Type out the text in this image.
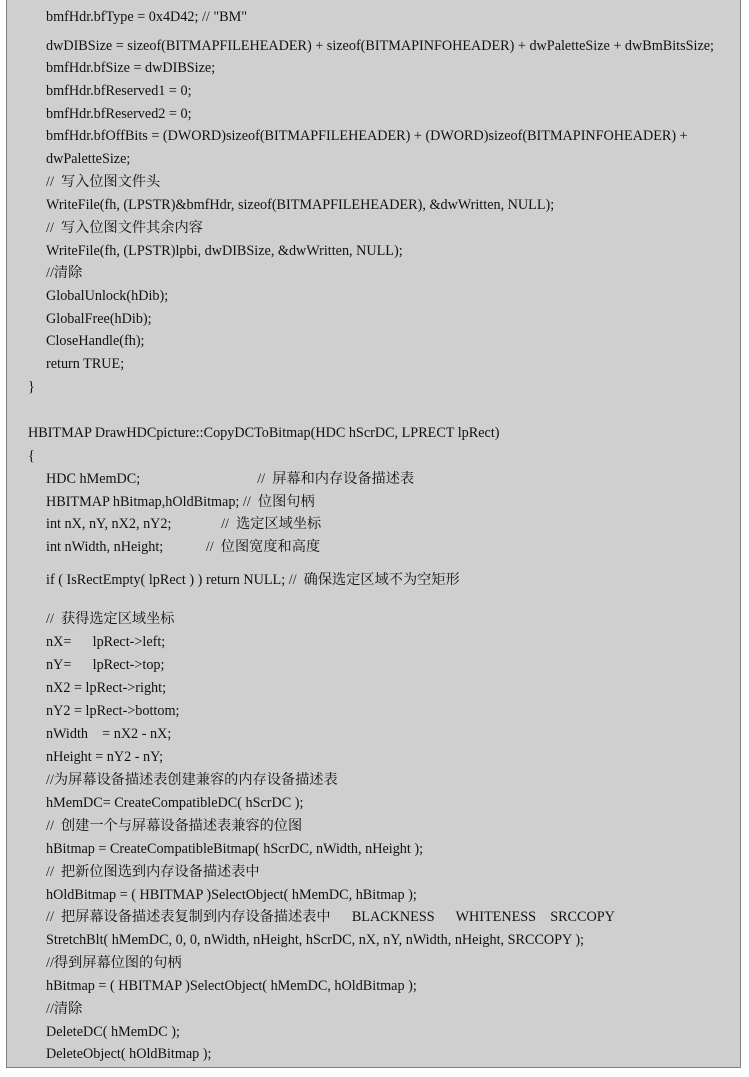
bmfHdr.bfType = 0x4D42; // "BM"
dwDIBSize = sizeof(BITMAPFILEHEADER) + sizeof(BITMAPINFOHEADER) + dwPaletteSize + dwBmBitsSize;
bmfHdr.bfSize = dwDIBSize;
bmfHdr.bfReserved1 = 0;
bmfHdr.bfReserved2 = 0;
bmfHdr.bfOffBits = (DWORD)sizeof(BITMAPFILEHEADER) + (DWORD)sizeof(BITMAPINFOHEADER) +
dwPaletteSize;
//  写入位图文件头
WriteFile(fh, (LPSTR)&bmfHdr, sizeof(BITMAPFILEHEADER), &dwWritten, NULL);
//  写入位图文件其余内容
WriteFile(fh, (LPSTR)lpbi, dwDIBSize, &dwWritten, NULL);
//清除
GlobalUnlock(hDib);
GlobalFree(hDib);
CloseHandle(fh);
return TRUE;
}
HBITMAP DrawHDCpicture::CopyDCToBitmap(HDC hScrDC, LPRECT lpRect)
{
HDC hMemDC;                                 //  屏幕和内存设备描述表
HBITMAP hBitmap,hOldBitmap; //  位图句柄
int nX, nY, nX2, nY2;              //  选定区域坐标
int nWidth, nHeight;            //  位图宽度和高度
if ( IsRectEmpty( lpRect ) ) return NULL; //  确保选定区域不为空矩形
//  获得选定区域坐标
nX=      lpRect->left;
nY=      lpRect->top;
nX2 = lpRect->right;
nY2 = lpRect->bottom;
nWidth    = nX2 - nX;
nHeight = nY2 - nY;
//为屏幕设备描述表创建兼容的内存设备描述表
hMemDC= CreateCompatibleDC( hScrDC );
//  创建一个与屏幕设备描述表兼容的位图
hBitmap = CreateCompatibleBitmap( hScrDC, nWidth, nHeight );
//  把新位图选到内存设备描述表中
hOldBitmap = ( HBITMAP )SelectObject( hMemDC, hBitmap );
//  把屏幕设备描述表复制到内存设备描述表中      BLACKNESS      WHITENESS    SRCCOPY
StretchBlt( hMemDC, 0, 0, nWidth, nHeight, hScrDC, nX, nY, nWidth, nHeight, SRCCOPY );
//得到屏幕位图的句柄
hBitmap = ( HBITMAP )SelectObject( hMemDC, hOldBitmap );
//清除
DeleteDC( hMemDC );
DeleteObject( hOldBitmap );
